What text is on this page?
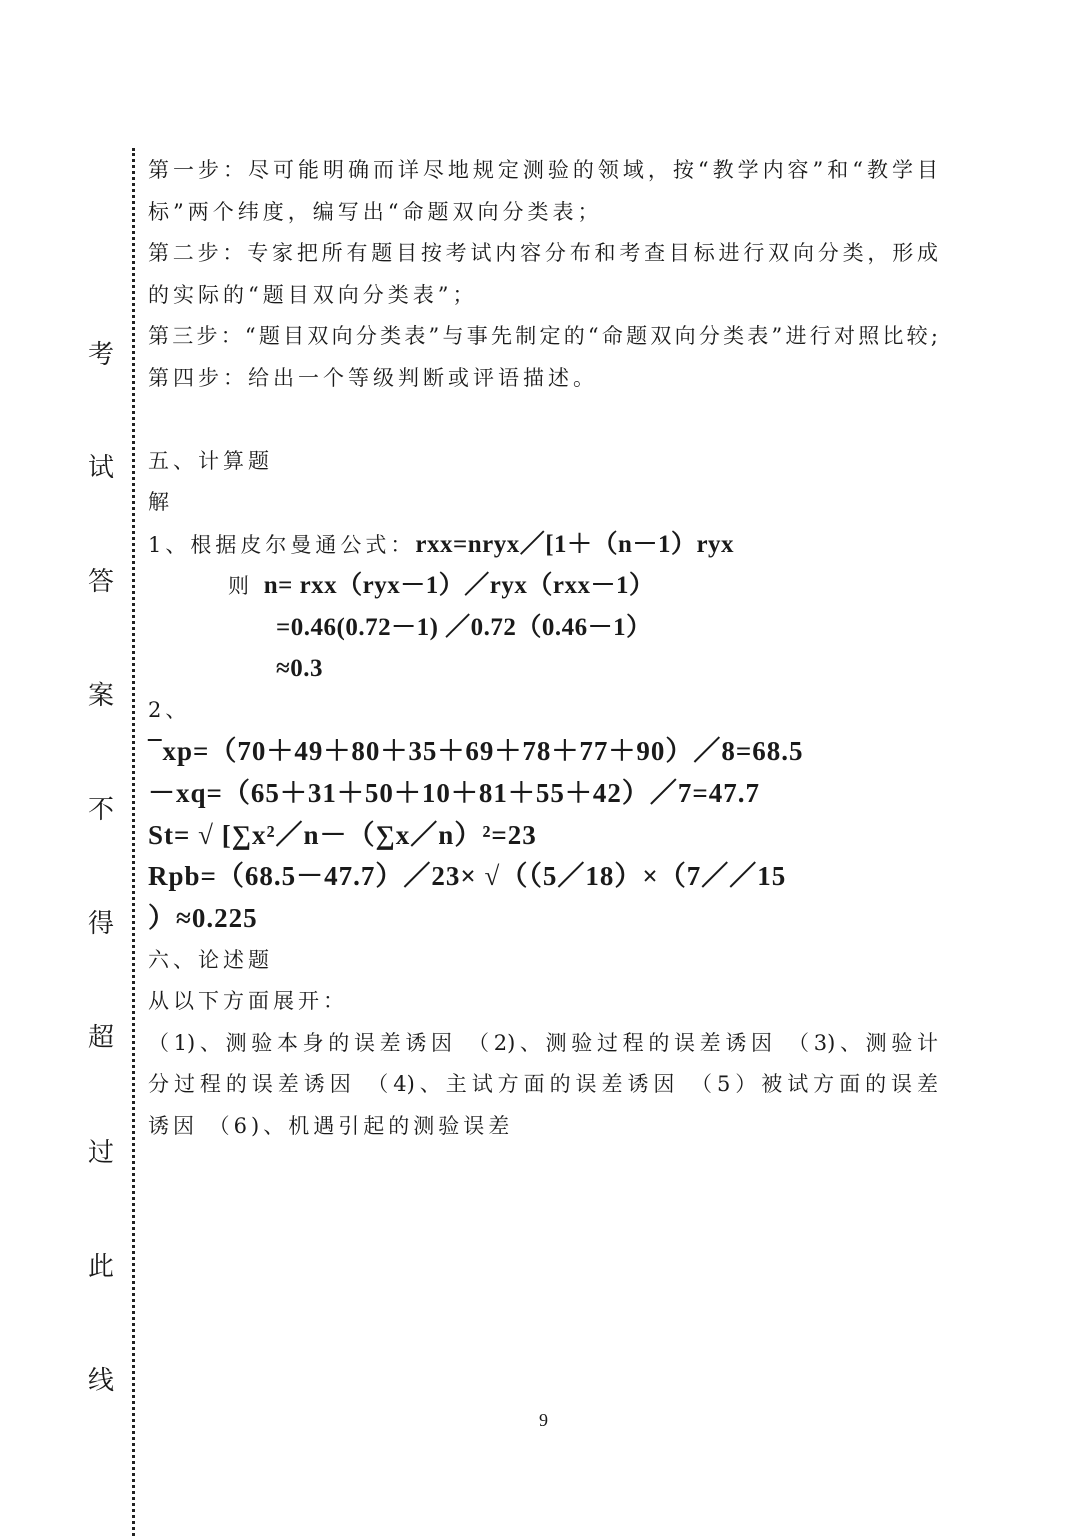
考
试
答
案
不
得
超
过
此
线
第一步：尽可能明确而详尽地规定测验的领域，按“教学内容”和“教学目
标”两个纬度，编写出“命题双向分类表；
第二步：专家把所有题目按考试内容分布和考查目标进行双向分类，形成
的实际的“题目双向分类表”；
第三步：“题目双向分类表”与事先制定的“命题双向分类表”进行对照比较;
第四步：给出一个等级判断或评语描述。
五、计算题
解
1、根据皮尔曼通公式：rxx=nryx／[1＋（n－1）ryx
则 n= rxx（ryx－1）／ryx（rxx－1）
=0.46(0.72－1) ／0.72（0.46－1）
≈0.3
2、
¯xp=（70＋49＋80＋35＋69＋78＋77＋90）／8=68.5
－xq=（65＋31＋50＋10＋81＋55＋42）／7=47.7
St= √ [∑x²／n－（∑x／n）²=23
Rpb=（68.5－47.7）／23× √（（5／18）×（7／／15
）≈0.225
六、论述题
从以下方面展开：
（1)、测验本身的误差诱因 （2)、测验过程的误差诱因 （3)、测验计
分过程的误差诱因 （4)、主试方面的误差诱因 （5）被试方面的误差
诱因 （6)、机遇引起的测验误差
9
